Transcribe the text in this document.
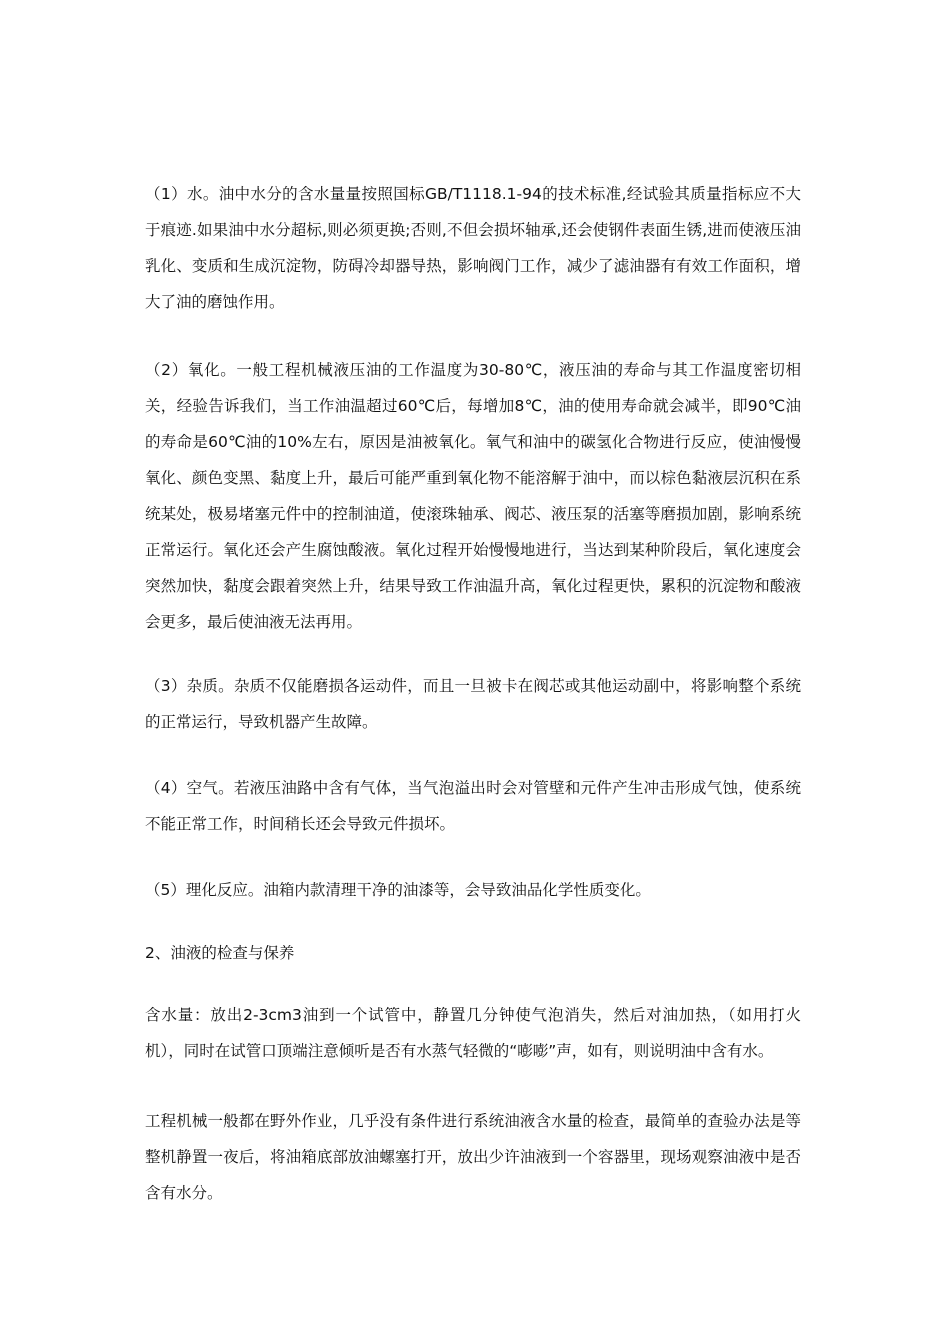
（1）水。油中水分的含水量量按照国标GB/T1118.1-94的技术标准,经试验其质量指标应不大于痕迹.如果油中水分超标,则必须更换;否则,不但会损坏轴承,还会使钢件表面生锈,进而使液压油乳化、变质和生成沉淀物，防碍冷却器导热，影响阀门工作，减少了滤油器有有效工作面积，增大了油的磨蚀作用。

（2）氧化。一般工程机械液压油的工作温度为30-80℃，液压油的寿命与其工作温度密切相关，经验告诉我们，当工作油温超过60℃后，每增加8℃，油的使用寿命就会减半，即90℃油的寿命是60℃油的10%左右，原因是油被氧化。氧气和油中的碳氢化合物进行反应，使油慢慢氧化、颜色变黑、黏度上升，最后可能严重到氧化物不能溶解于油中，而以棕色黏液层沉积在系统某处，极易堵塞元件中的控制油道，使滚珠轴承、阀芯、液压泵的活塞等磨损加剧，影响系统正常运行。氧化还会产生腐蚀酸液。氧化过程开始慢慢地进行，当达到某种阶段后，氧化速度会突然加快，黏度会跟着突然上升，结果导致工作油温升高，氧化过程更快，累积的沉淀物和酸液会更多，最后使油液无法再用。

（3）杂质。杂质不仅能磨损各运动件，而且一旦被卡在阀芯或其他运动副中，将影响整个系统的正常运行，导致机器产生故障。

（4）空气。若液压油路中含有气体，当气泡溢出时会对管壁和元件产生冲击形成气蚀，使系统不能正常工作，时间稍长还会导致元件损坏。

（5）理化反应。油箱内款清理干净的油漆等，会导致油品化学性质变化。

2、油液的检查与保养

含水量：放出2-3cm3油到一个试管中，静置几分钟使气泡消失，然后对油加热，（如用打火机），同时在试管口顶端注意倾听是否有水蒸气轻微的“嘭嘭”声，如有，则说明油中含有水。

工程机械一般都在野外作业，几乎没有条件进行系统油液含水量的检查，最简单的查验办法是等整机静置一夜后，将油箱底部放油螺塞打开，放出少许油液到一个容器里，现场观察油液中是否含有水分。
